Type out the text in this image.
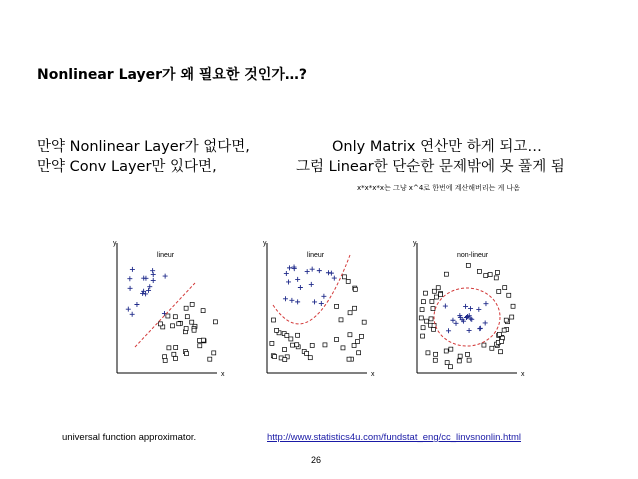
Nonlinear Layer가 왜 필요한 것인가…?
만약 Nonlinear Layer가 없다면,
만약 Conv Layer만 있다면,
Only Matrix 연산만 하게 되고…
그럼 Linear한 단순한 문제밖에 못 풀게 됨
x*x*x*x는 그냥 x^4로 한번에 계산해버리는 게 나옴
y
x
lineur
y
x
lineur
y
x
non-lineur
universal function approximator.	http://www.statistics4u.com/fundstat_eng/cc_linvsnonlin.html
26
